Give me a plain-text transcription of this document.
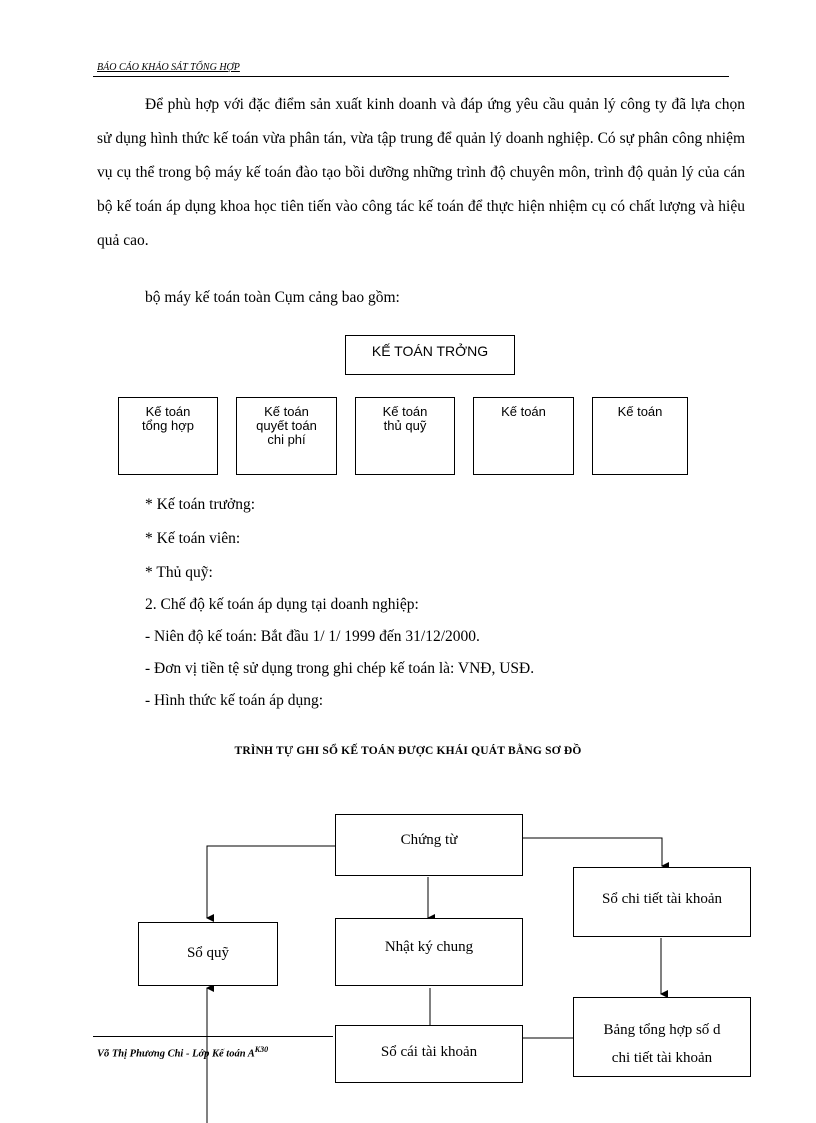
BÁO CÁO KHẢO SÁT TỔNG HỢP

Để phù hợp với đặc điểm sản xuất kinh doanh và đáp ứng yêu cầu quản lý công ty đã lựa chọn sử dụng hình thức kế toán vừa phân tán, vừa tập trung để quản lý doanh nghiệp. Có sự phân công nhiệm vụ cụ thể trong bộ máy kế toán đào tạo bồi dưỡng những trình độ chuyên môn, trình độ quản lý của cán bộ kế toán áp dụng khoa học tiên tiến vào công tác kế toán để thực hiện nhiệm cụ có chất lượng và hiệu quả cao.

bộ máy kế toán toàn Cụm cảng bao gồm:
KẾ TOÁN TRỞNG
Kế toán
tổng hợp
Kế toán
quyết toán
chi phí
Kế toán
thủ quỹ
Kế toán	Kế toán
* Kế toán trưởng:
* Kế toán viên:
* Thủ quỹ:
2. Chế độ kế toán áp dụng tại doanh nghiệp:
- Niên độ kế toán: Bắt đầu 1/ 1/ 1999 đến 31/12/2000.
- Đơn vị tiền tệ sử dụng trong ghi chép kế toán là: VNĐ, USĐ.
- Hình thức kế toán áp dụng:
TRÌNH TỰ GHI SỔ KẾ TOÁN ĐƯỢC KHÁI QUÁT BẰNG SƠ ĐỒ
Chứng từ
Sổ chi tiết tài khoản
Sổ quỹ	Nhật ký chung
Bảng tổng hợp số d
chi tiết tài khoản
Sổ cái tài khoản
Võ Thị Phương Chi - Lớp Kế toán $A^{K30}$
